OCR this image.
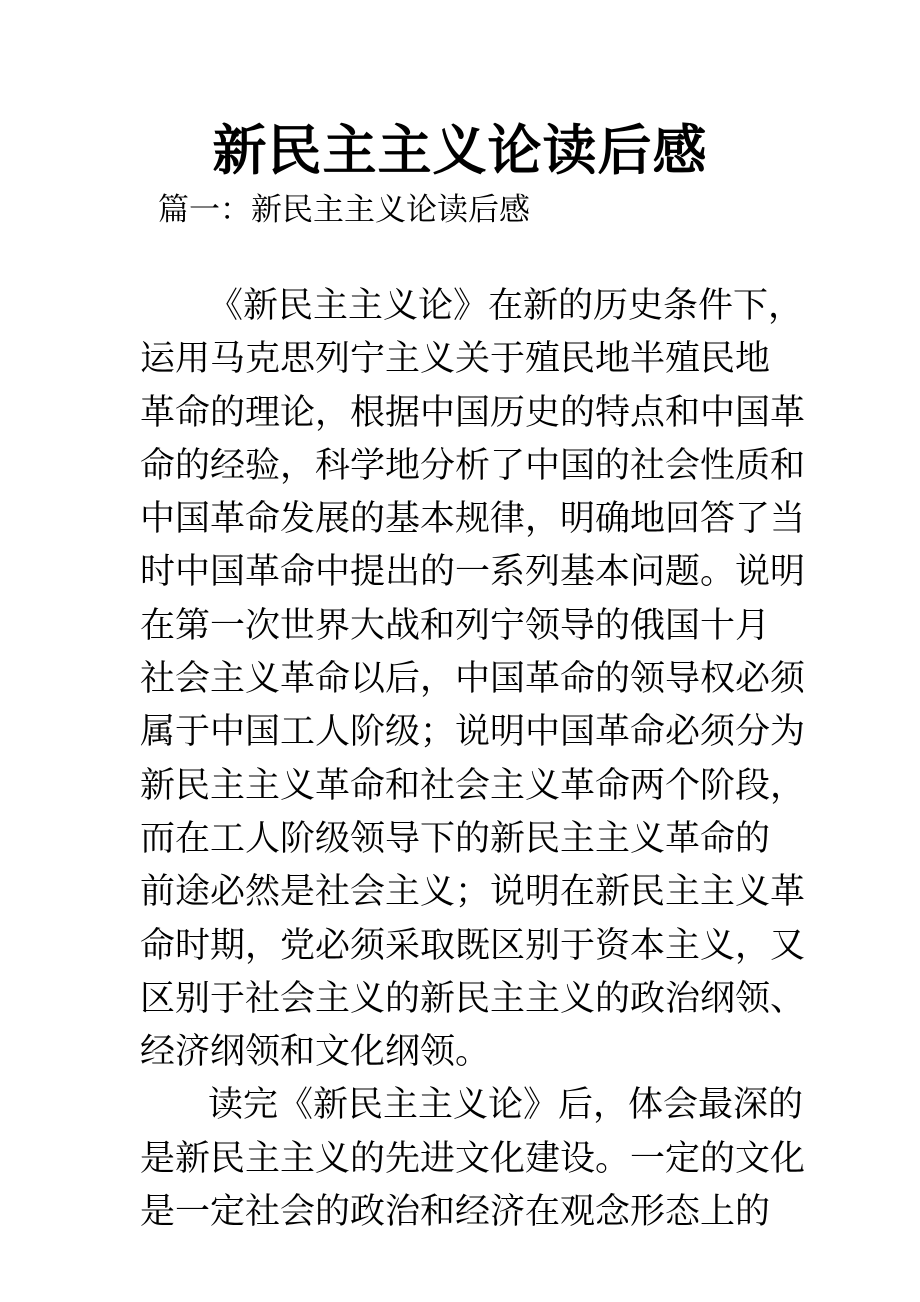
新民主主义论读后感

篇一：新民主主义论读后感

《新民主主义论》在新的历史条件下，
运用马克思列宁主义关于殖民地半殖民地
革命的理论，根据中国历史的特点和中国革
命的经验，科学地分析了中国的社会性质和
中国革命发展的基本规律，明确地回答了当
时中国革命中提出的一系列基本问题。说明
在第一次世界大战和列宁领导的俄国十月
社会主义革命以后，中国革命的领导权必须
属于中国工人阶级；说明中国革命必须分为
新民主主义革命和社会主义革命两个阶段，
而在工人阶级领导下的新民主主义革命的
前途必然是社会主义；说明在新民主主义革
命时期，党必须采取既区别于资本主义，又
区别于社会主义的新民主主义的政治纲领、
经济纲领和文化纲领。
读完《新民主主义论》后，体会最深的
是新民主主义的先进文化建设。一定的文化
是一定社会的政治和经济在观念形态上的
